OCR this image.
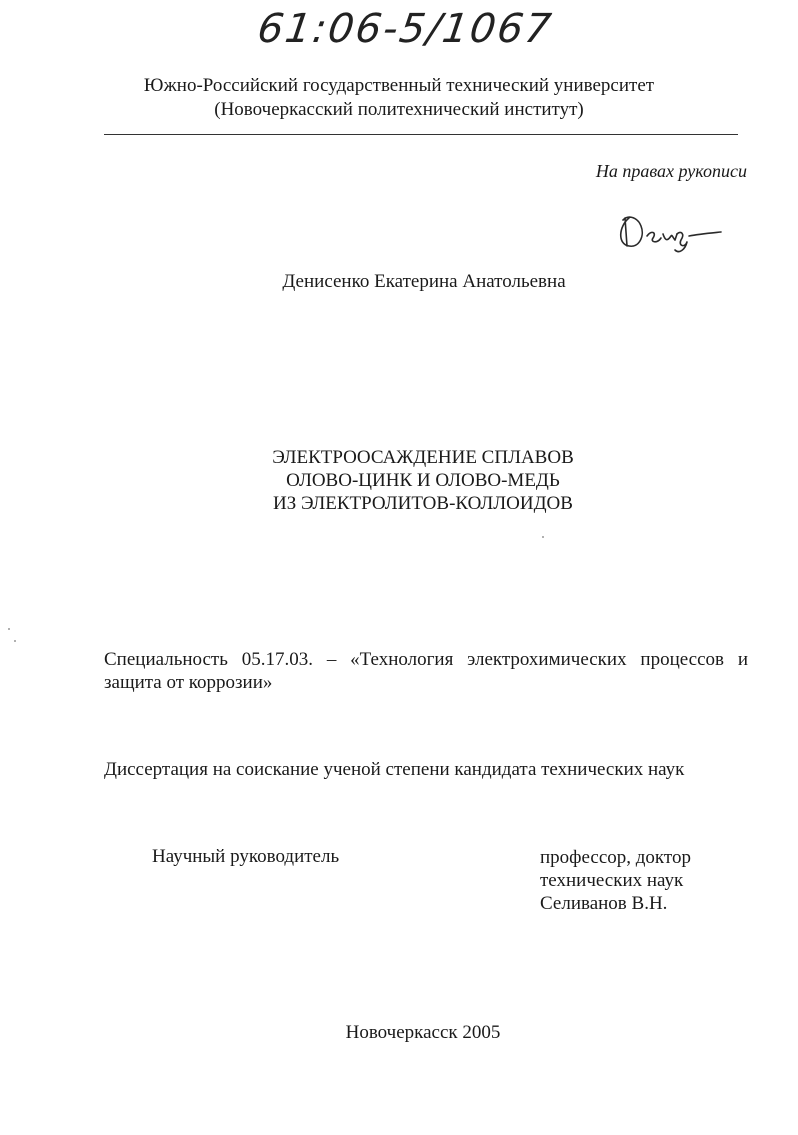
61:06-5/1067
Южно-Российский государственный технический университет
(Новочеркасский политехнический институт)
На правах рукописи
Денисенко Екатерина Анатольевна
ЭЛЕКТРООСАЖДЕНИЕ СПЛАВОВ
ОЛОВО-ЦИНК И ОЛОВО-МЕДЬ
ИЗ ЭЛЕКТРОЛИТОВ-КОЛЛОИДОВ
Специальность 05.17.03. – «Технология электрохимических процессов и защита от коррозии»
Диссертация на соискание ученой степени кандидата технических наук
Научный руководитель	профессор, доктор
технических наук
Селиванов В.Н.
Новочеркасск 2005
